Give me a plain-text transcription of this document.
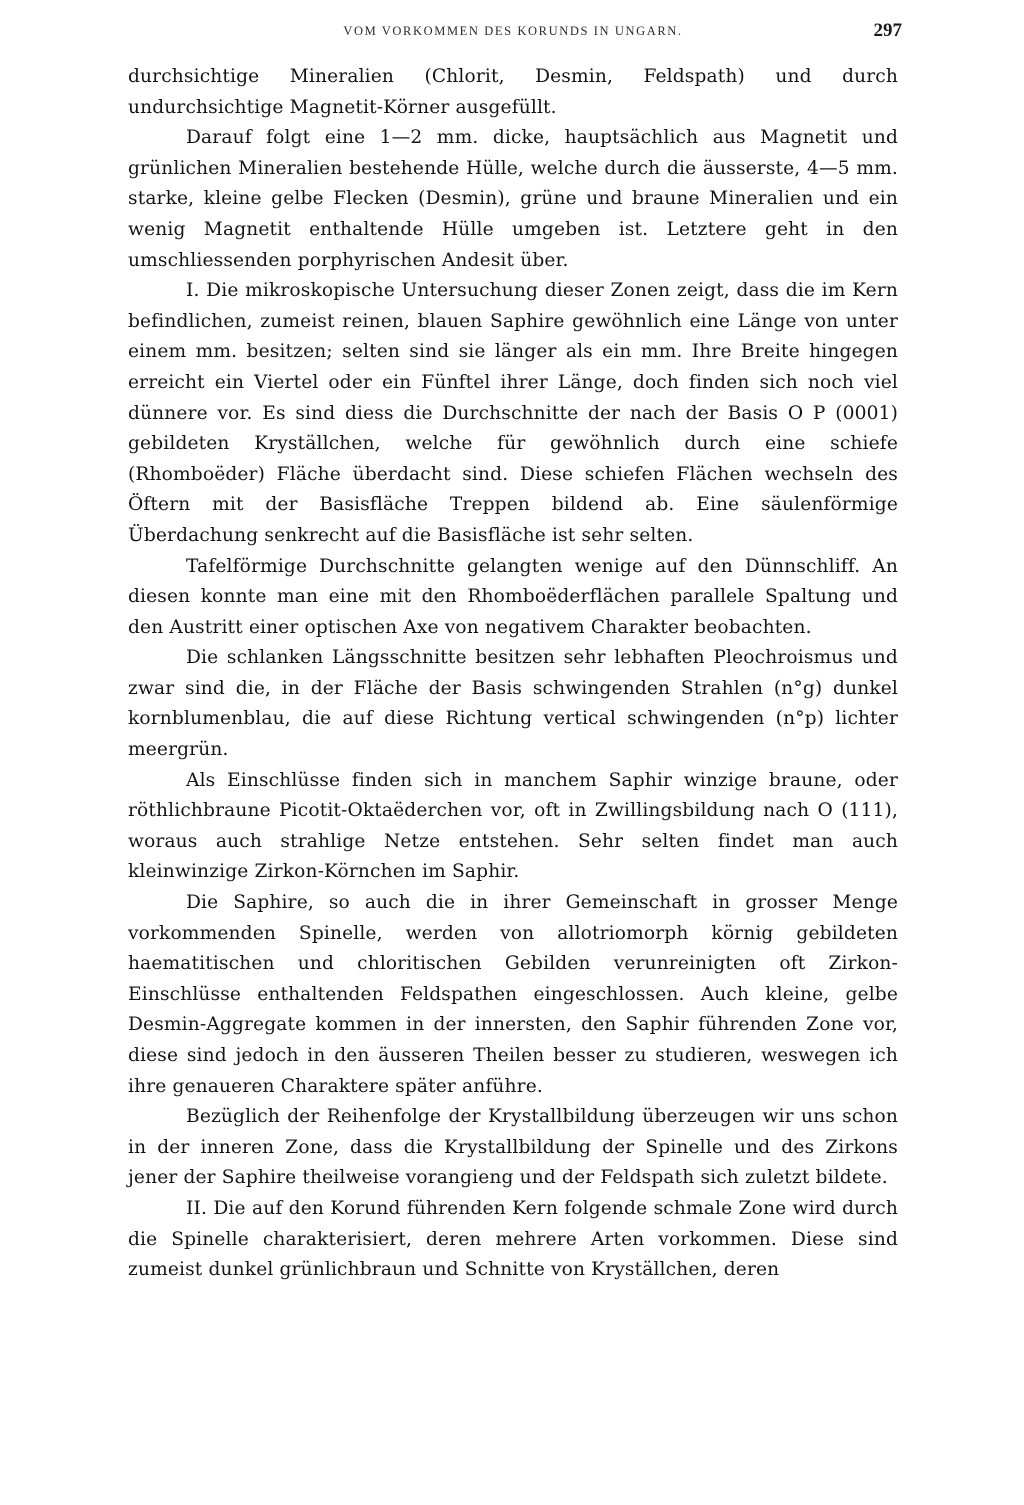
VOM VORKOMMEN DES KORUNDS IN UNGARN.	297

durchsichtige Mineralien (Chlorit, Desmin, Feldspath) und durch undurchsichtige Magnetit-Körner ausgefüllt.

Darauf folgt eine 1—2 mm. dicke, hauptsächlich aus Magnetit und grünlichen Mineralien bestehende Hülle, welche durch die äusserste, 4—5 mm. starke, kleine gelbe Flecken (Desmin), grüne und braune Mineralien und ein wenig Magnetit enthaltende Hülle umgeben ist. Letztere geht in den umschliessenden porphyrischen Andesit über.

I. Die mikroskopische Untersuchung dieser Zonen zeigt, dass die im Kern befindlichen, zumeist reinen, blauen Saphire gewöhnlich eine Länge von unter einem mm. besitzen; selten sind sie länger als ein mm. Ihre Breite hingegen erreicht ein Viertel oder ein Fünftel ihrer Länge, doch finden sich noch viel dünnere vor. Es sind diess die Durchschnitte der nach der Basis O P (0001) gebildeten Kryställchen, welche für gewöhnlich durch eine schiefe (Rhomboëder) Fläche überdacht sind. Diese schiefen Flächen wechseln des Öftern mit der Basisfläche Treppen bildend ab. Eine säulenförmige Überdachung senkrecht auf die Basisfläche ist sehr selten.

Tafelförmige Durchschnitte gelangten wenige auf den Dünnschliff. An diesen konnte man eine mit den Rhomboëderflächen parallele Spaltung und den Austritt einer optischen Axe von negativem Charakter beobachten.

Die schlanken Längsschnitte besitzen sehr lebhaften Pleochroismus und zwar sind die, in der Fläche der Basis schwingenden Strahlen (n°g) dunkel kornblumenblau, die auf diese Richtung vertical schwingenden (n°p) lichter meergrün.

Als Einschlüsse finden sich in manchem Saphir winzige braune, oder röthlichbraune Picotit-Oktaëderchen vor, oft in Zwillingsbildung nach O (111), woraus auch strahlige Netze entstehen. Sehr selten findet man auch kleinwinzige Zirkon-Körnchen im Saphir.

Die Saphire, so auch die in ihrer Gemeinschaft in grosser Menge vorkommenden Spinelle, werden von allotriomorph körnig gebildeten haematitischen und chloritischen Gebilden verunreinigten oft Zirkon-Einschlüsse enthaltenden Feldspathen eingeschlossen. Auch kleine, gelbe Desmin-Aggregate kommen in der innersten, den Saphir führenden Zone vor, diese sind jedoch in den äusseren Theilen besser zu studieren, weswegen ich ihre genaueren Charaktere später anführe.

Bezüglich der Reihenfolge der Krystallbildung überzeugen wir uns schon in der inneren Zone, dass die Krystallbildung der Spinelle und des Zirkons jener der Saphire theilweise vorangieng und der Feldspath sich zuletzt bildete.

II. Die auf den Korund führenden Kern folgende schmale Zone wird durch die Spinelle charakterisiert, deren mehrere Arten vorkommen. Diese sind zumeist dunkel grünlichbraun und Schnitte von Kryställchen, deren
